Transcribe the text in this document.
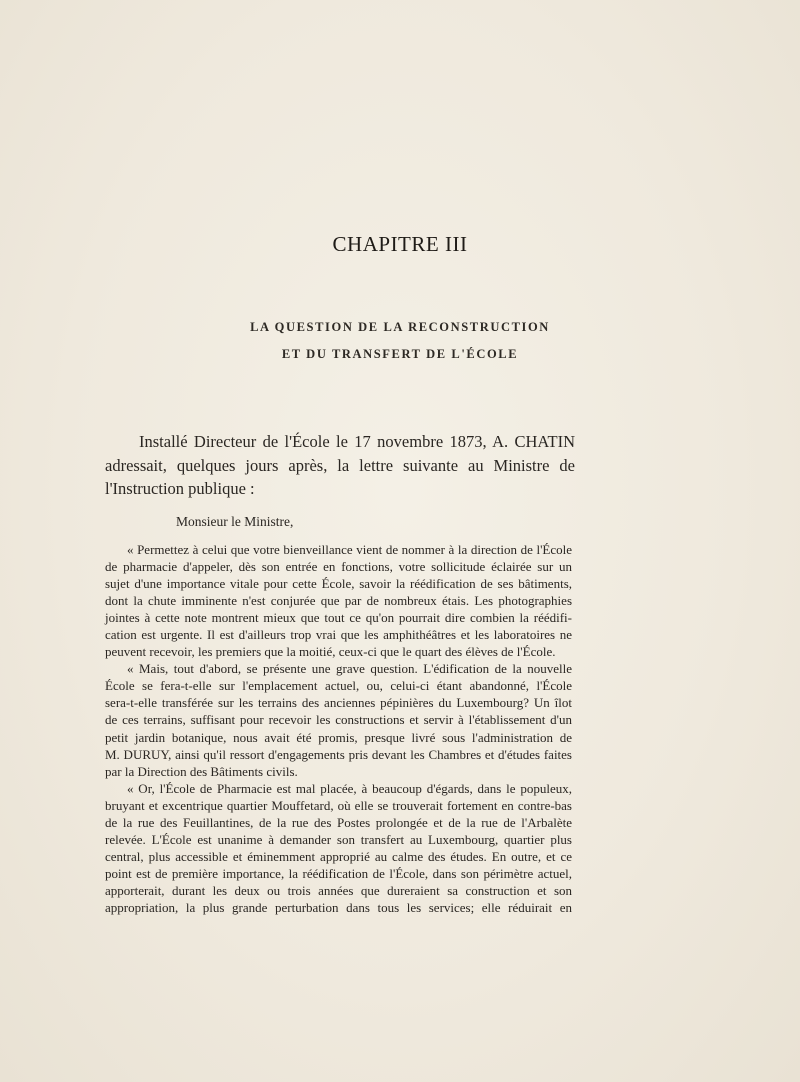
CHAPITRE III
LA QUESTION DE LA RECONSTRUCTION
ET DU TRANSFERT DE L'ÉCOLE
Installé Directeur de l'École le 17 novembre 1873, A. CHATIN
adressait, quelques jours après, la lettre suivante au Ministre de
l'Instruction publique :
Monsieur le Ministre,
« Permettez à celui que votre bienveillance vient de nommer à la direction de l'École
de pharmacie d'appeler, dès son entrée en fonctions, votre sollicitude éclairée sur un
sujet d'une importance vitale pour cette École, savoir la réédification de ses bâtiments,
dont la chute imminente n'est conjurée que par de nombreux étais. Les photographies
jointes à cette note montrent mieux que tout ce qu'on pourrait dire combien la réédifi-
cation est urgente. Il est d'ailleurs trop vrai que les amphithéâtres et les laboratoires ne
peuvent recevoir, les premiers que la moitié, ceux-ci que le quart des élèves de l'École.
« Mais, tout d'abord, se présente une grave question. L'édification de la nouvelle
École se fera-t-elle sur l'emplacement actuel, ou, celui-ci étant abandonné, l'École
sera-t-elle transférée sur les terrains des anciennes pépinières du Luxembourg? Un îlot
de ces terrains, suffisant pour recevoir les constructions et servir à l'établissement d'un
petit jardin botanique, nous avait été promis, presque livré sous l'administration de
M. DURUY, ainsi qu'il ressort d'engagements pris devant les Chambres et d'études faites
par la Direction des Bâtiments civils.
« Or, l'École de Pharmacie est mal placée, à beaucoup d'égards, dans le populeux,
bruyant et excentrique quartier Mouffetard, où elle se trouverait fortement en contre-bas
de la rue des Feuillantines, de la rue des Postes prolongée et de la rue de l'Arbalète
relevée. L'École est unanime à demander son transfert au Luxembourg, quartier plus
central, plus accessible et éminemment approprié au calme des études. En outre, et ce
point est de première importance, la réédification de l'École, dans son périmètre actuel,
apporterait, durant les deux ou trois années que dureraient sa construction et son
appropriation, la plus grande perturbation dans tous les services; elle réduirait en
